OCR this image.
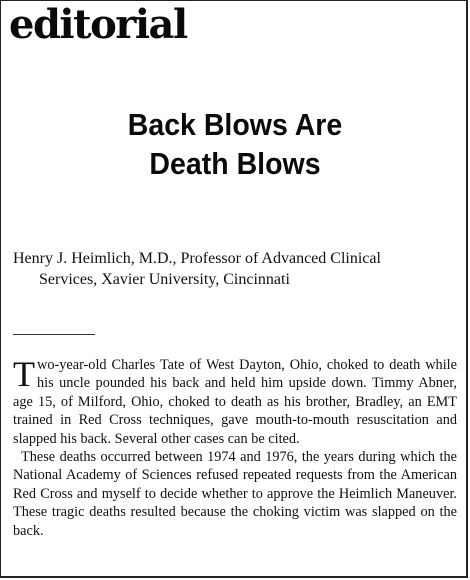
editorial
Back Blows Are
Death Blows
Henry J. Heimlich, M.D., Professor of Advanced Clinical
Services, Xavier University, Cincinnati

Two-year-old Charles Tate of West Dayton, Ohio, choked to death while his uncle pounded his back and held him upside down. Timmy Abner, age 15, of Milford, Ohio, choked to death as his brother, Bradley, an EMT trained in Red Cross techniques, gave mouth-to-mouth resuscitation and slapped his back. Several other cases can be cited.

These deaths occurred between 1974 and 1976, the years during which the National Academy of Sciences refused repeated requests from the American Red Cross and myself to decide whether to approve the Heimlich Maneuver. These tragic deaths resulted because the choking victim was slapped on the back.
